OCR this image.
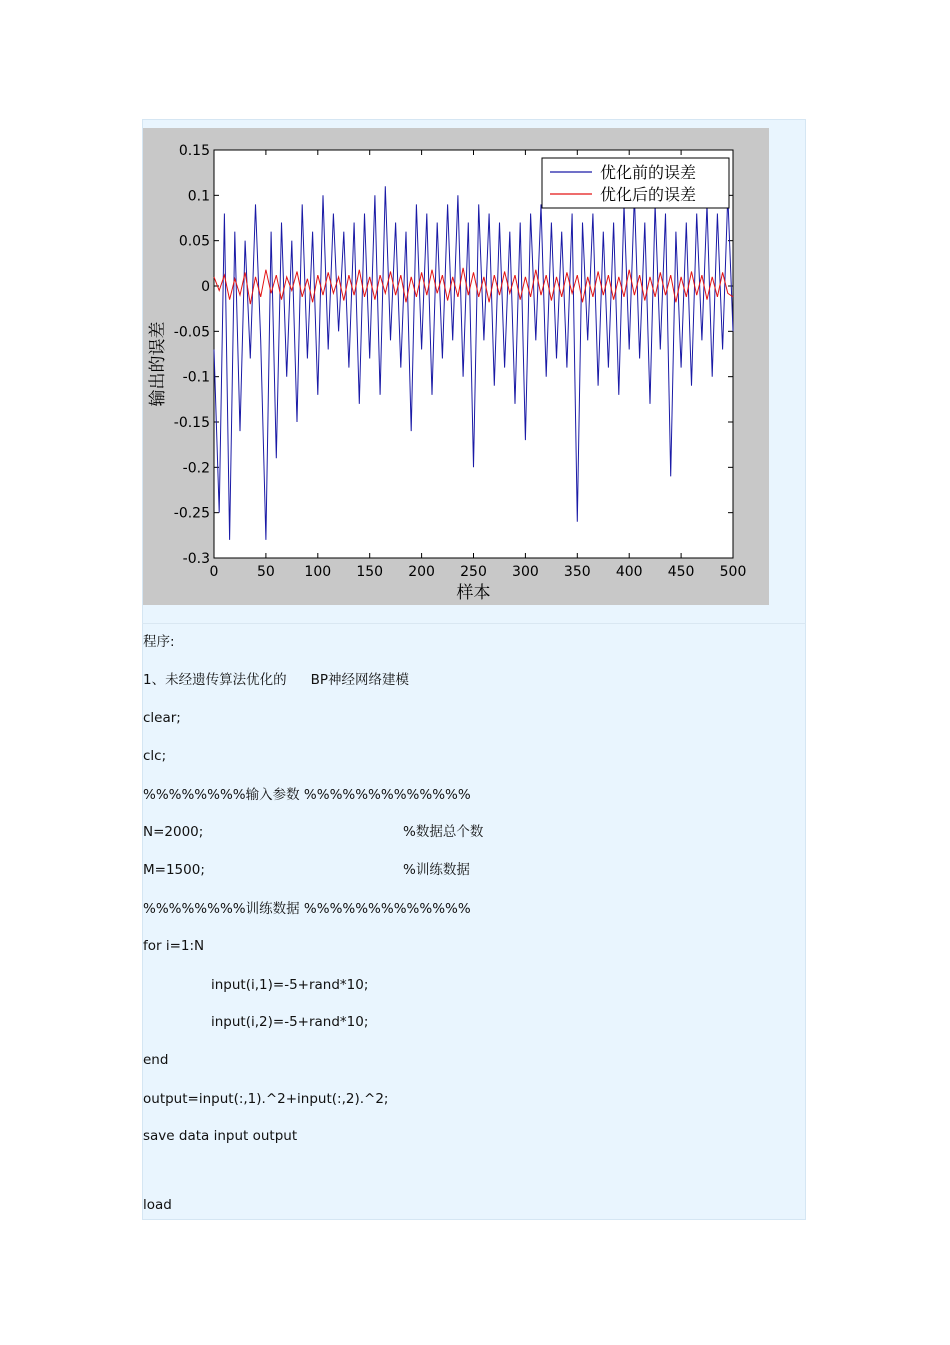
0	50 100 150 200 250 300 350 400 450 500
0.15
0.1
0.05
0
-0.05
-0.1
-0.15
-0.2
-0.25
-0.3
优化前的误差
优化后的误差
样本
输出的误差
程序:
1、未经遗传算法优化的 BP神经网络建模
clear;
clc;
%%%%%%%%输入参数 %%%%%%%%%%%%%
N=2000;	%数据总个数
M=1500;	%训练数据
%%%%%%%%训练数据 %%%%%%%%%%%%%
for i=1:N
input(i,1)=-5+rand*10;
input(i,2)=-5+rand*10;
end
output=input(:,1).^2+input(:,2).^2;
save data input output
load
